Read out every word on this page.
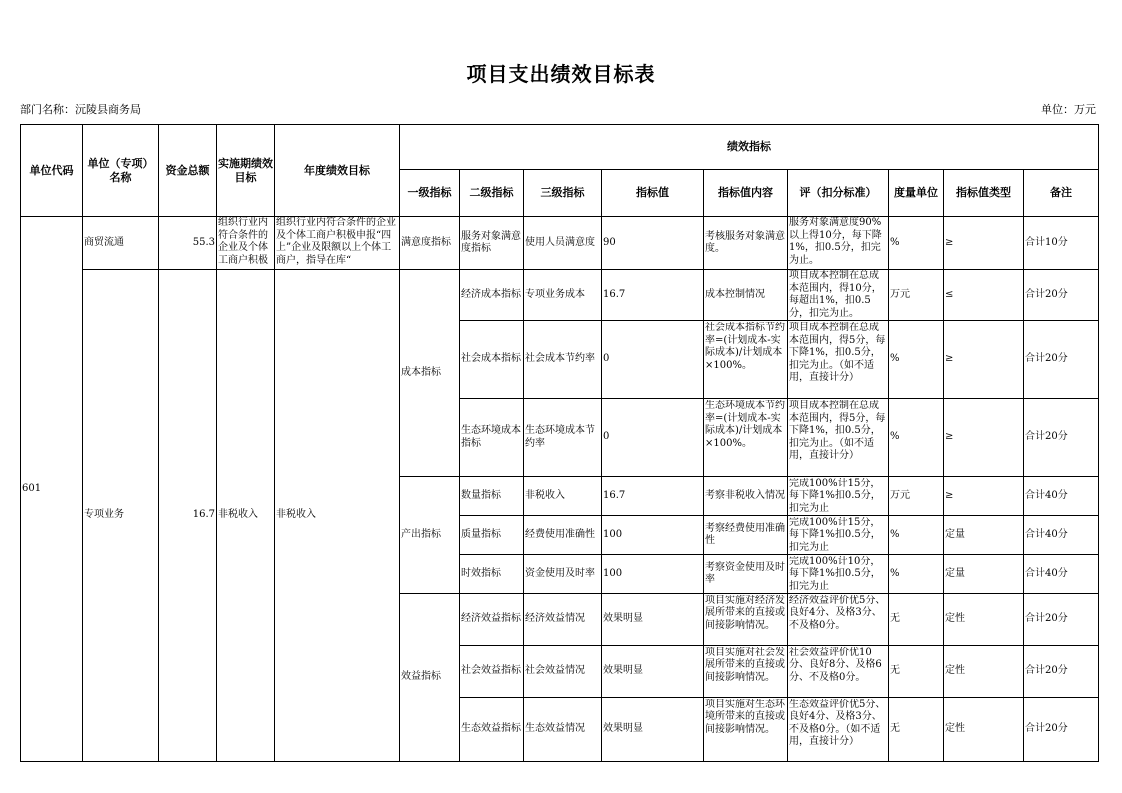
项目支出绩效目标表
部门名称：沅陵县商务局	单位：万元
单位代码	单位（专项）名称	资金总额	实施期绩效目标	年度绩效目标	绩效指标								
					一级指标	二级指标	三级指标	指标值	指标值内容	评（扣分标准）	度量单位	指标值类型	备注
601	商贸流通	55.3	组织行业内符合条件的企业及个体工商户积极	组织行业内符合条件的企业及个体工商户积极申报“四上”企业及限额以上个体工商户，指导在库“	满意度指标	服务对象满意度指标	使用人员满意度	90	考核服务对象满意度。	服务对象满意度90%以上得10分，每下降1%，扣0.5分，扣完为止。	%	≥	合计10分
	专项业务	16.7	非税收入	非税收入	成本指标	经济成本指标	专项业务成本	16.7	成本控制情况	项目成本控制在总成本范围内，得10分，每超出1%，扣0.5分，扣完为止。	万元	≤	合计20分
						社会成本指标	社会成本节约率	0	社会成本指标节约率=(计划成本-实际成本)/计划成本×100%。	项目成本控制在总成本范围内，得5分，每下降1%，扣0.5分，扣完为止。（如不适用，直接计分）	%	≥	合计20分
						生态环境成本指标	生态环境成本节约率	0	生态环境成本节约率=(计划成本-实际成本)/计划成本×100%。	项目成本控制在总成本范围内，得5分，每下降1%，扣0.5分，扣完为止。（如不适用，直接计分）	%	≥	合计20分
					产出指标	数量指标	非税收入	16.7	考察非税收入情况	完成100%计15分，每下降1%扣0.5分，扣完为止	万元	≥	合计40分
						质量指标	经费使用准确性	100	考察经费使用准确性	完成100%计15分，每下降1%扣0.5分，扣完为止	%	定量	合计40分
						时效指标	资金使用及时率	100	考察资金使用及时率	完成100%计10分，每下降1%扣0.5分，扣完为止	%	定量	合计40分
					效益指标	经济效益指标	经济效益情况	效果明显	项目实施对经济发展所带来的直接或间接影响情况。	经济效益评价优5分、良好4分、及格3分、不及格0分。	无	定性	合计20分
						社会效益指标	社会效益情况	效果明显	项目实施对社会发展所带来的直接或间接影响情况。	社会效益评价优10分、良好8分、及格6分、不及格0分。	无	定性	合计20分
						生态效益指标	生态效益情况	效果明显	项目实施对生态环境所带来的直接或间接影响情况。	生态效益评价优5分、良好4分、及格3分、不及格0分。（如不适用，直接计分）	无	定性	合计20分
